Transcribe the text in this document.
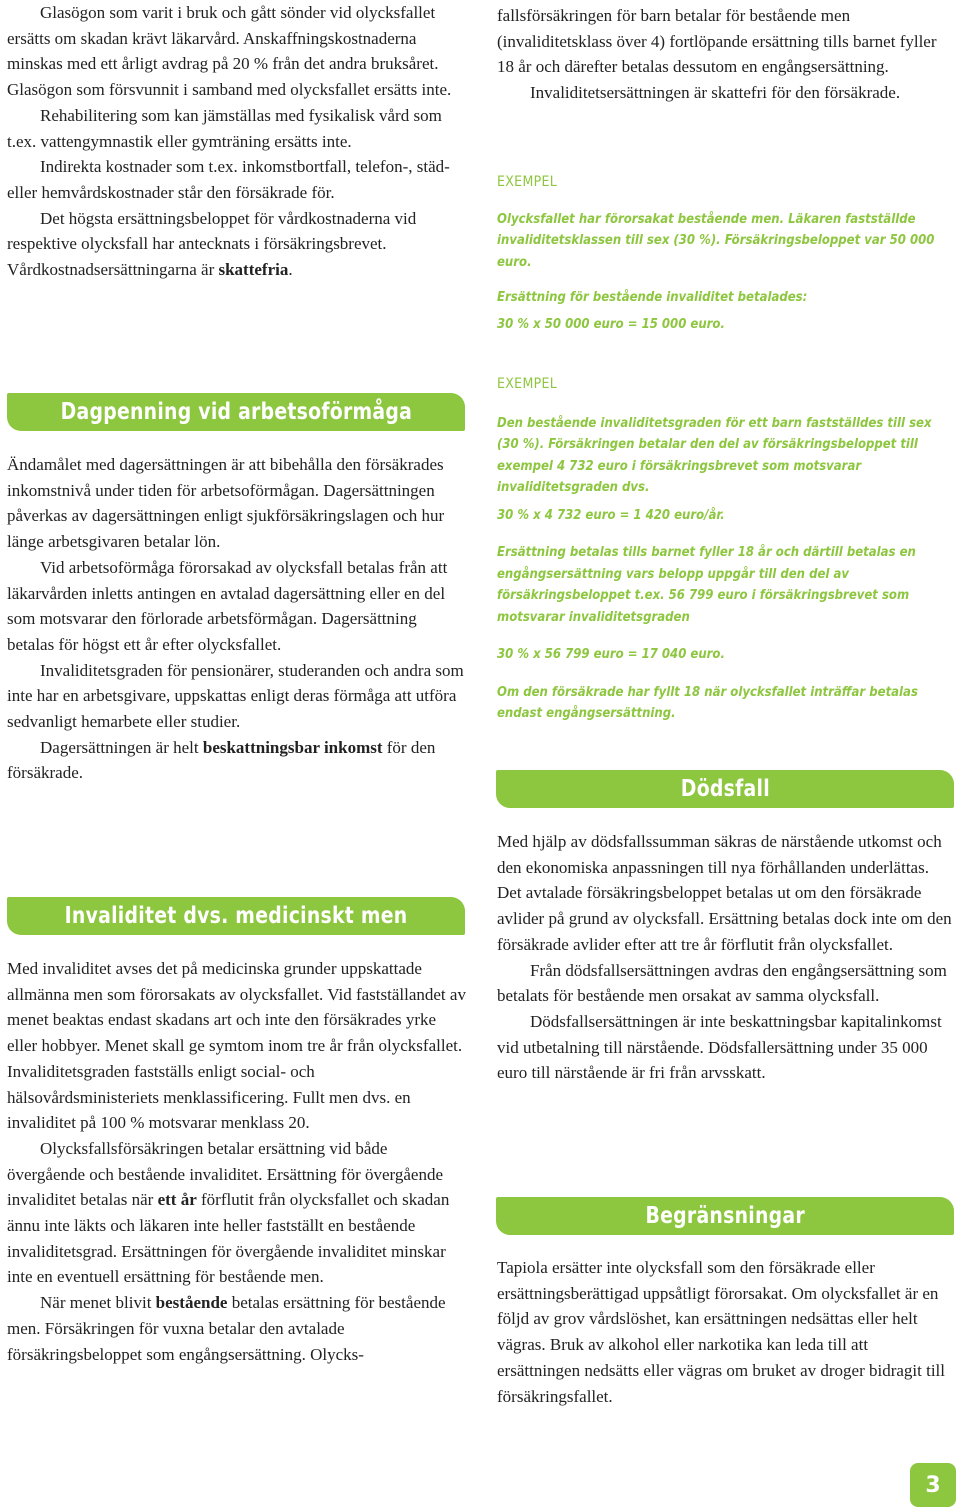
Glasögon som varit i bruk och gått sönder vid olycksfallet ersätts om skadan krävt läkarvård. Anskaffningskostnaderna minskas med ett årligt avdrag på 20 % från det andra bruksåret. Glasögon som försvunnit i samband med olycksfallet ersätts inte.

Rehabilitering som kan jämställas med fysikalisk vård som t.ex. vattengymnastik eller gymträning ersätts inte.

Indirekta kostnader som t.ex. inkomstbortfall, telefon-, städ- eller hemvårdskostnader står den försäkrade för.

Det högsta ersättningsbeloppet för vårdkostnaderna vid respektive olycksfall har antecknats i försäkringsbrevet. Vårdkostnadsersättningarna är skattefria.

Dagpenning vid arbetsoförmåga

Ändamålet med dagersättningen är att bibehålla den försäkrades inkomstnivå under tiden för arbetsoförmågan. Dagersättningen påverkas av dagersättningen enligt sjukförsäkringslagen och hur länge arbetsgivaren betalar lön.

Vid arbetsoförmåga förorsakad av olycksfall betalas från att läkarvården inletts antingen en avtalad dagersättning eller en del som motsvarar den förlorade arbetsförmågan. Dagersättning betalas för högst ett år efter olycksfallet.

Invaliditetsgraden för pensionärer, studeranden och andra som inte har en arbetsgivare, uppskattas enligt deras förmåga att utföra sedvanligt hemarbete eller studier.

Dagersättningen är helt beskattningsbar inkomst för den försäkrade.

Invaliditet dvs. medicinskt men

Med invaliditet avses det på medicinska grunder uppskattade allmänna men som förorsakats av olycksfallet. Vid fastställandet av menet beaktas endast skadans art och inte den försäkrades yrke eller hobbyer. Menet skall ge symtom inom tre år från olycksfallet. Invaliditetsgraden fastställs enligt social- och hälsovårdsministeriets menklassificering. Fullt men dvs. en invaliditet på 100 % motsvarar menklass 20.

Olycksfallsförsäkringen betalar ersättning vid både övergående och bestående invaliditet. Ersättning för övergående invaliditet betalas när ett år förflutit från olycksfallet och skadan ännu inte läkts och läkaren inte heller fastställt en bestående invaliditetsgrad. Ersättningen för övergående invaliditet minskar inte en eventuell ersättning för bestående men.

När menet blivit bestående betalas ersättning för bestående men. Försäkringen för vuxna betalar den avtalade försäkringsbeloppet som engångsersättning. Olycks-

fallsförsäkringen för barn betalar för bestående men (invaliditetsklass över 4) fortlöpande ersättning tills barnet fyller 18 år och därefter betalas dessutom en engångsersättning.

Invaliditetsersättningen är skattefri för den försäkrade.

EXEMPEL

Olycksfallet har förorsakat bestående men. Läkaren fastställde invaliditetsklassen till sex (30 %). Försäkringsbeloppet var 50 000 euro.

Ersättning för bestående invaliditet betalades:

30 % x 50 000 euro = 15 000 euro.

EXEMPEL

Den bestående invaliditetsgraden för ett barn fastställdes till sex (30 %). Försäkringen betalar den del av försäkringsbeloppet till exempel 4 732 euro i försäkringsbrevet som motsvarar invaliditetsgraden dvs.

30 % x 4 732 euro = 1 420 euro/år.

Ersättning betalas tills barnet fyller 18 år och därtill betalas en engångsersättning vars belopp uppgår till den del av försäkringsbeloppet t.ex. 56 799 euro i försäkringsbrevet som motsvarar invaliditetsgraden

30 % x 56 799 euro = 17 040 euro.

Om den försäkrade har fyllt 18 när olycksfallet inträffar betalas endast engångsersättning.

Dödsfall

Med hjälp av dödsfallssumman säkras de närstående utkomst och den ekonomiska anpassningen till nya förhållanden underlättas. Det avtalade försäkringsbeloppet betalas ut om den försäkrade avlider på grund av olycksfall. Ersättning betalas dock inte om den försäkrade avlider efter att tre år förflutit från olycksfallet.

Från dödsfallsersättningen avdras den engångsersättning som betalats för bestående men orsakat av samma olycksfall.

Dödsfallsersättningen är inte beskattningsbar kapitalinkomst vid utbetalning till närstående. Dödsfallersättning under 35 000 euro till närstående är fri från arvsskatt.

Begränsningar

Tapiola ersätter inte olycksfall som den försäkrade eller ersättningsberättigad uppsåtligt förorsakat. Om olycksfallet är en följd av grov vårdslöshet, kan ersättningen nedsättas eller helt vägras. Bruk av alkohol eller narkotika kan leda till att ersättningen nedsätts eller vägras om bruket av droger bidragit till försäkringsfallet.

3
